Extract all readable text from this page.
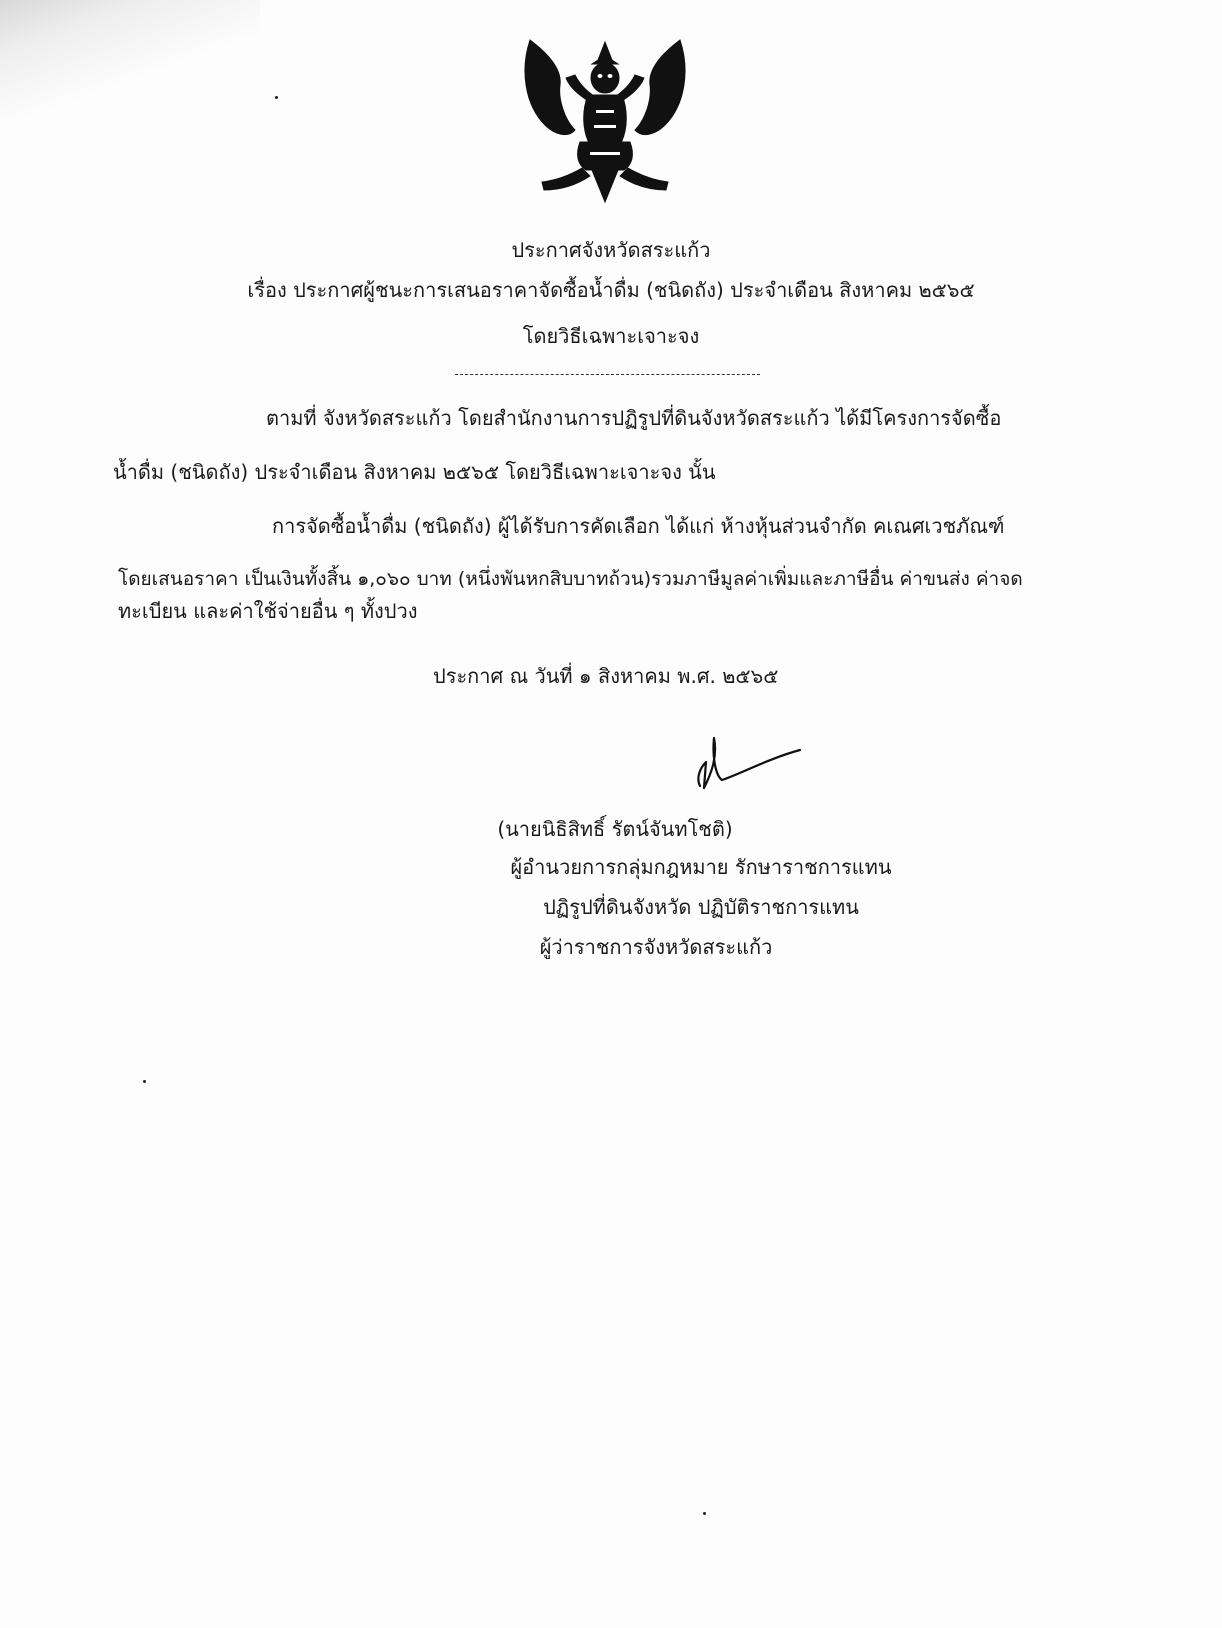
ประกาศจังหวัดสระแก้ว
เรื่อง ประกาศผู้ชนะการเสนอราคาจัดซื้อน้ำดื่ม (ชนิดถัง) ประจำเดือน สิงหาคม ๒๕๖๕
โดยวิธีเฉพาะเจาะจง
ตามที่ จังหวัดสระแก้ว โดยสำนักงานการปฏิรูปที่ดินจังหวัดสระแก้ว ได้มีโครงการจัดซื้อ
น้ำดื่ม (ชนิดถัง) ประจำเดือน สิงหาคม ๒๕๖๕ โดยวิธีเฉพาะเจาะจง นั้น
การจัดซื้อน้ำดื่ม (ชนิดถัง) ผู้ได้รับการคัดเลือก ได้แก่ ห้างหุ้นส่วนจำกัด คเณศเวชภัณฑ์
โดยเสนอราคา เป็นเงินทั้งสิ้น ๑,๐๖๐ บาท (หนึ่งพันหกสิบบาทถ้วน)รวมภาษีมูลค่าเพิ่มและภาษีอื่น ค่าขนส่ง ค่าจด
ทะเบียน และค่าใช้จ่ายอื่น ๆ ทั้งปวง
ประกาศ ณ วันที่ ๑ สิงหาคม พ.ศ. ๒๕๖๕
(นายนิธิสิทธิ์ รัตน์จันทโชติ)
ผู้อำนวยการกลุ่มกฎหมาย รักษาราชการแทน
ปฏิรูปที่ดินจังหวัด ปฏิบัติราชการแทน
ผู้ว่าราชการจังหวัดสระแก้ว
